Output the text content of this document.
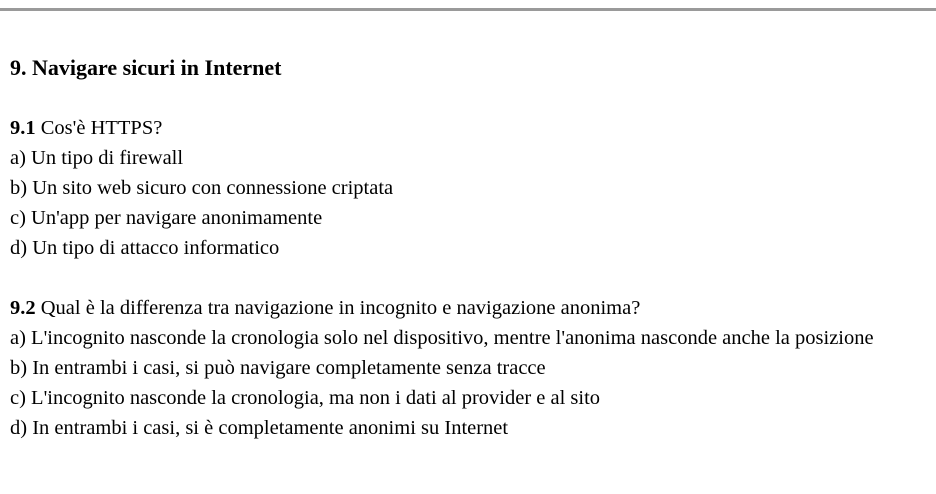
9. Navigare sicuri in Internet
9.1 Cos'è HTTPS?
a) Un tipo di firewall
b) Un sito web sicuro con connessione criptata
c) Un'app per navigare anonimamente
d) Un tipo di attacco informatico
9.2 Qual è la differenza tra navigazione in incognito e navigazione anonima?
a) L'incognito nasconde la cronologia solo nel dispositivo, mentre l'anonima nasconde anche la posizione
b) In entrambi i casi, si può navigare completamente senza tracce
c) L'incognito nasconde la cronologia, ma non i dati al provider e al sito
d) In entrambi i casi, si è completamente anonimi su Internet
